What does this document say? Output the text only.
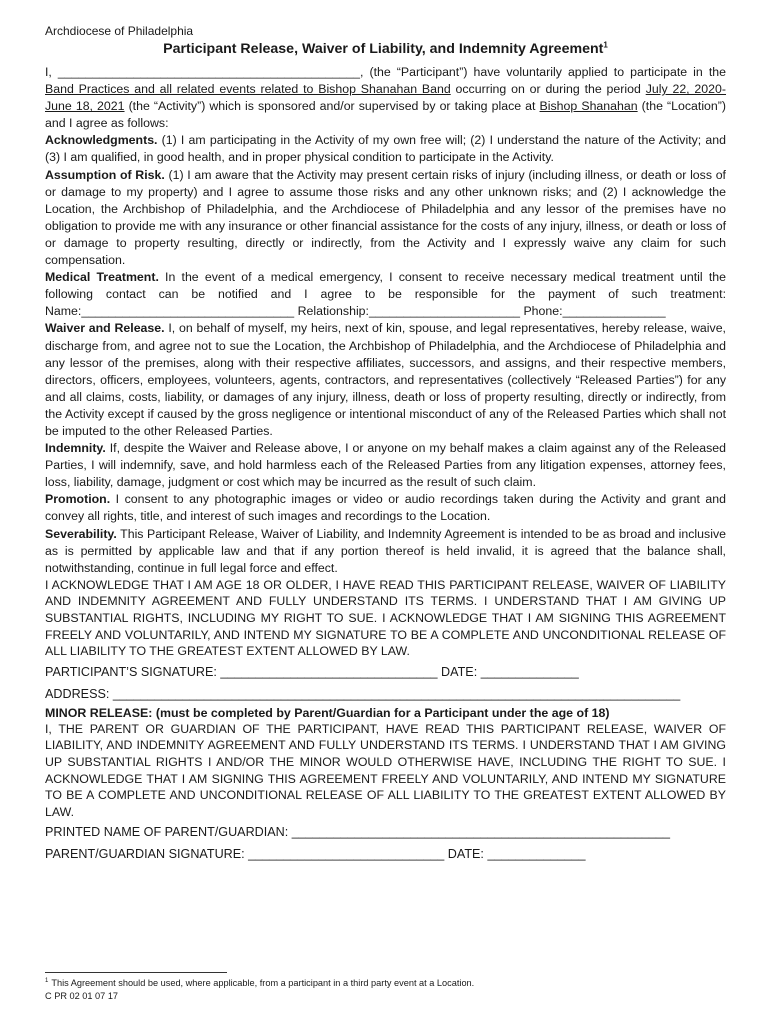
Archdiocese of Philadelphia
Participant Release, Waiver of Liability, and Indemnity Agreement$^1$

I, ____________________________________________, (the “Participant”) have voluntarily applied to participate in the Band Practices and all related events related to Bishop Shanahan Band occurring on or during the period July 22, 2020-June 18, 2021 (the “Activity”) which is sponsored and/or supervised by or taking place at Bishop Shanahan (the “Location”) and I agree as follows:

Acknowledgments. (1) I am participating in the Activity of my own free will; (2) I understand the nature of the Activity; and (3) I am qualified, in good health, and in proper physical condition to participate in the Activity.

Assumption of Risk. (1) I am aware that the Activity may present certain risks of injury (including illness, or death or loss of or damage to my property) and I agree to assume those risks and any other unknown risks; and (2) I acknowledge the Location, the Archbishop of Philadelphia, and the Archdiocese of Philadelphia and any lessor of the premises have no obligation to provide me with any insurance or other financial assistance for the costs of any injury, illness, or death or loss of or damage to property resulting, directly or indirectly, from the Activity and I expressly waive any claim for such compensation.

Medical Treatment. In the event of a medical emergency, I consent to receive necessary medical treatment until the following contact can be notified and I agree to be responsible for the payment of such treatment: Name:_______________________________ Relationship:______________________ Phone:_______________

Waiver and Release. I, on behalf of myself, my heirs, next of kin, spouse, and legal representatives, hereby release, waive, discharge from, and agree not to sue the Location, the Archbishop of Philadelphia, and the Archdiocese of Philadelphia and any lessor of the premises, along with their respective affiliates, successors, and assigns, and their respective members, directors, officers, employees, volunteers, agents, contractors, and representatives (collectively “Released Parties”) for any and all claims, costs, liability, or damages of any injury, illness, death or loss of property resulting, directly or indirectly, from the Activity except if caused by the gross negligence or intentional misconduct of any of the Released Parties which shall not be imputed to the other Released Parties.

Indemnity. If, despite the Waiver and Release above, I or anyone on my behalf makes a claim against any of the Released Parties, I will indemnify, save, and hold harmless each of the Released Parties from any litigation expenses, attorney fees, loss, liability, damage, judgment or cost which may be incurred as the result of such claim.

Promotion. I consent to any photographic images or video or audio recordings taken during the Activity and grant and convey all rights, title, and interest of such images and recordings to the Location.

Severability. This Participant Release, Waiver of Liability, and Indemnity Agreement is intended to be as broad and inclusive as is permitted by applicable law and that if any portion thereof is held invalid, it is agreed that the balance shall, notwithstanding, continue in full legal force and effect.

I ACKNOWLEDGE THAT I AM AGE 18 OR OLDER, I HAVE READ THIS PARTICIPANT RELEASE, WAIVER OF LIABILITY AND INDEMNITY AGREEMENT AND FULLY UNDERSTAND ITS TERMS. I UNDERSTAND THAT I AM GIVING UP SUBSTANTIAL RIGHTS, INCLUDING MY RIGHT TO SUE. I ACKNOWLEDGE THAT I AM SIGNING THIS AGREEMENT FREELY AND VOLUNTARILY, AND INTEND MY SIGNATURE TO BE A COMPLETE AND UNCONDITIONAL RELEASE OF ALL LIABILITY TO THE GREATEST EXTENT ALLOWED BY LAW.

PARTICIPANT’S SIGNATURE: _______________________________ DATE: ______________
ADDRESS: _________________________________________________________________________________
MINOR RELEASE: (must be completed by Parent/Guardian for a Participant under the age of 18)

I, THE PARENT OR GUARDIAN OF THE PARTICIPANT, HAVE READ THIS PARTICIPANT RELEASE, WAIVER OF LIABILITY, AND INDEMNITY AGREEMENT AND FULLY UNDERSTAND ITS TERMS. I UNDERSTAND THAT I AM GIVING UP SUBSTANTIAL RIGHTS I AND/OR THE MINOR WOULD OTHERWISE HAVE, INCLUDING THE RIGHT TO SUE. I ACKNOWLEDGE THAT I AM SIGNING THIS AGREEMENT FREELY AND VOLUNTARILY, AND INTEND MY SIGNATURE TO BE A COMPLETE AND UNCONDITIONAL RELEASE OF ALL LIABILITY TO THE GREATEST EXTENT ALLOWED BY LAW.

PRINTED NAME OF PARENT/GUARDIAN: ______________________________________________________
PARENT/GUARDIAN SIGNATURE: ____________________________ DATE: ______________
$^1$ This Agreement should be used, where applicable, from a participant in a third party event at a Location.
C PR 02 01 07 17
